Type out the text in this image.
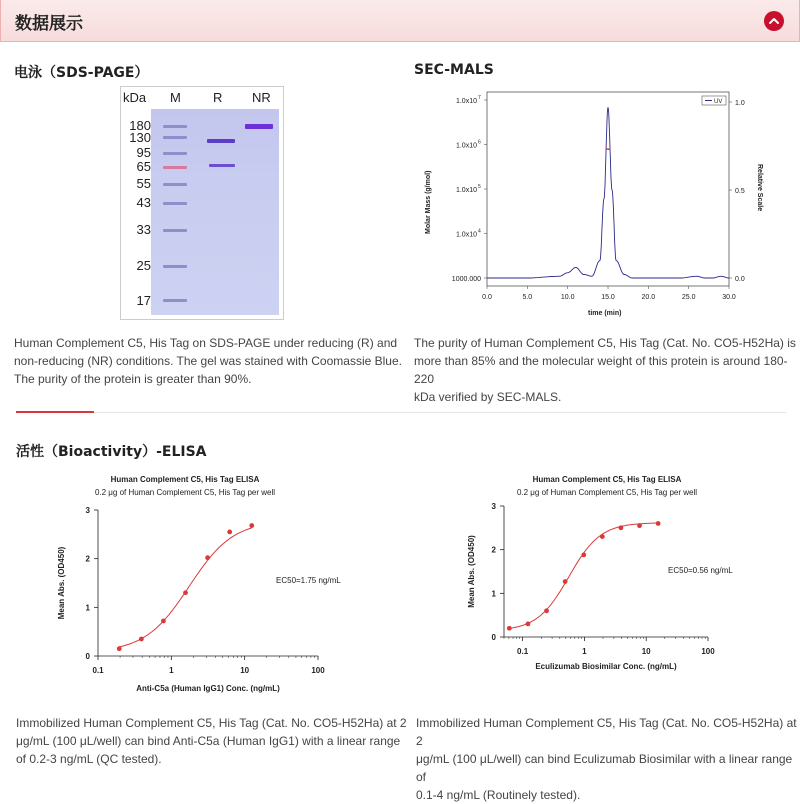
数据展示
电泳（SDS-PAGE）
kDa M R NR
180
130
95
65
55
43
33
25
17
Human Complement C5, His Tag on SDS-PAGE under reducing (R) and
non-reducing (NR) conditions. The gel was stained with Coomassie Blue.
The purity of the protein is greater than 90%.
SEC-MALS
Molar Mass (g/mol)	Relative Scale
time (min)
UV
0.0	5.0	10.0	15.0	20.0	25.0	30.0
1000.000
1.0x10 4
1.0x10 5
1.0x10 6
1.0x10 7
0.0
0.5
1.0
The purity of Human Complement C5, His Tag (Cat. No. CO5-H52Ha) is
more than 85% and the molecular weight of this protein is around 180-220
kDa verified by SEC-MALS.
活性（Bioactivity）-ELISA
Human Complement C5, His Tag ELISA
0.2 μg of Human Complement C5, His Tag per well
0
1
2
3
0.1	1	10	100
Mean Abs. (OD450)
Anti-C5a (Human IgG1) Conc. (ng/mL)
EC50=1.75 ng/mL
Human Complement C5, His Tag ELISA
0.2 μg of Human Complement C5, His Tag per well
0
1
2
3
0.1	1	10	100
Mean Abs. (OD450)
Eculizumab Biosimilar Conc. (ng/mL)
EC50=0.56 ng/mL
Immobilized Human Complement C5, His Tag (Cat. No. CO5-H52Ha) at 2
μg/mL (100 μL/well) can bind Anti-C5a (Human IgG1) with a linear range
of 0.2-3 ng/mL (QC tested).
Immobilized Human Complement C5, His Tag (Cat. No. CO5-H52Ha) at 2
μg/mL (100 μL/well) can bind Eculizumab Biosimilar with a linear range of
0.1-4 ng/mL (Routinely tested).
